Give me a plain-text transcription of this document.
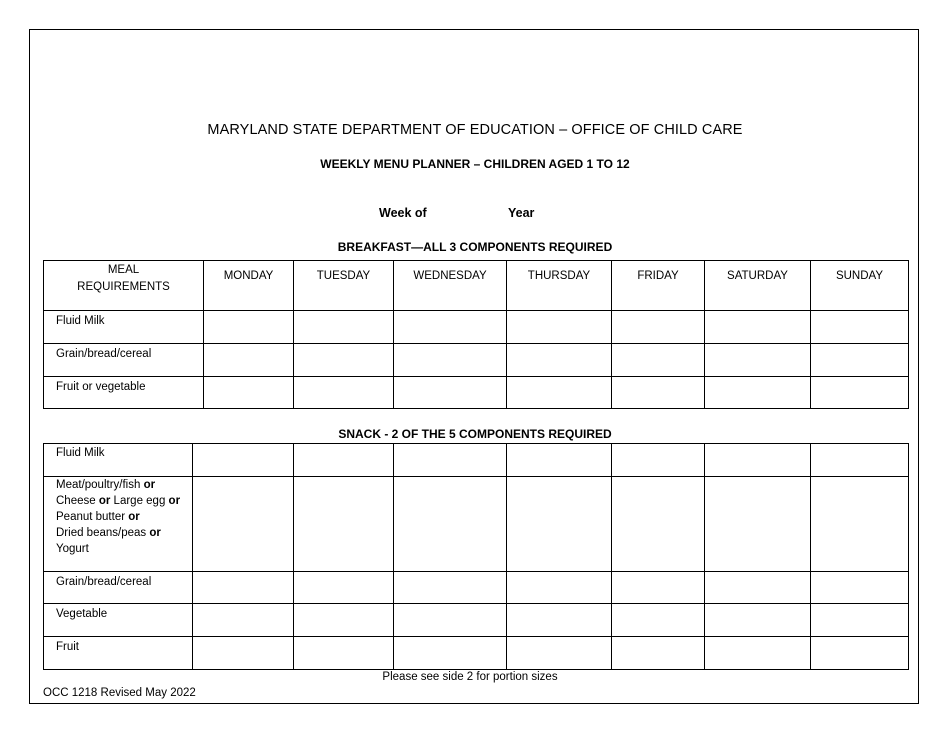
MARYLAND STATE DEPARTMENT OF EDUCATION – OFFICE OF CHILD CARE
WEEKLY MENU PLANNER – CHILDREN AGED 1 TO 12
Week of	Year
BREAKFAST—ALL 3 COMPONENTS REQUIRED
MEAL
REQUIREMENTS	MONDAY	TUESDAY	WEDNESDAY	THURSDAY	FRIDAY	SATURDAY	SUNDAY
Fluid Milk							
Grain/bread/cereal							
Fruit or vegetable							
SNACK - 2 OF THE 5 COMPONENTS REQUIRED
Fluid Milk							
Meat/poultry/fish or
Cheese or Large egg or
Peanut butter or
Dried beans/peas or
Yogurt							
Grain/bread/cereal							
Vegetable							
Fruit							
Please see side 2 for portion sizes
OCC 1218 Revised May 2022
